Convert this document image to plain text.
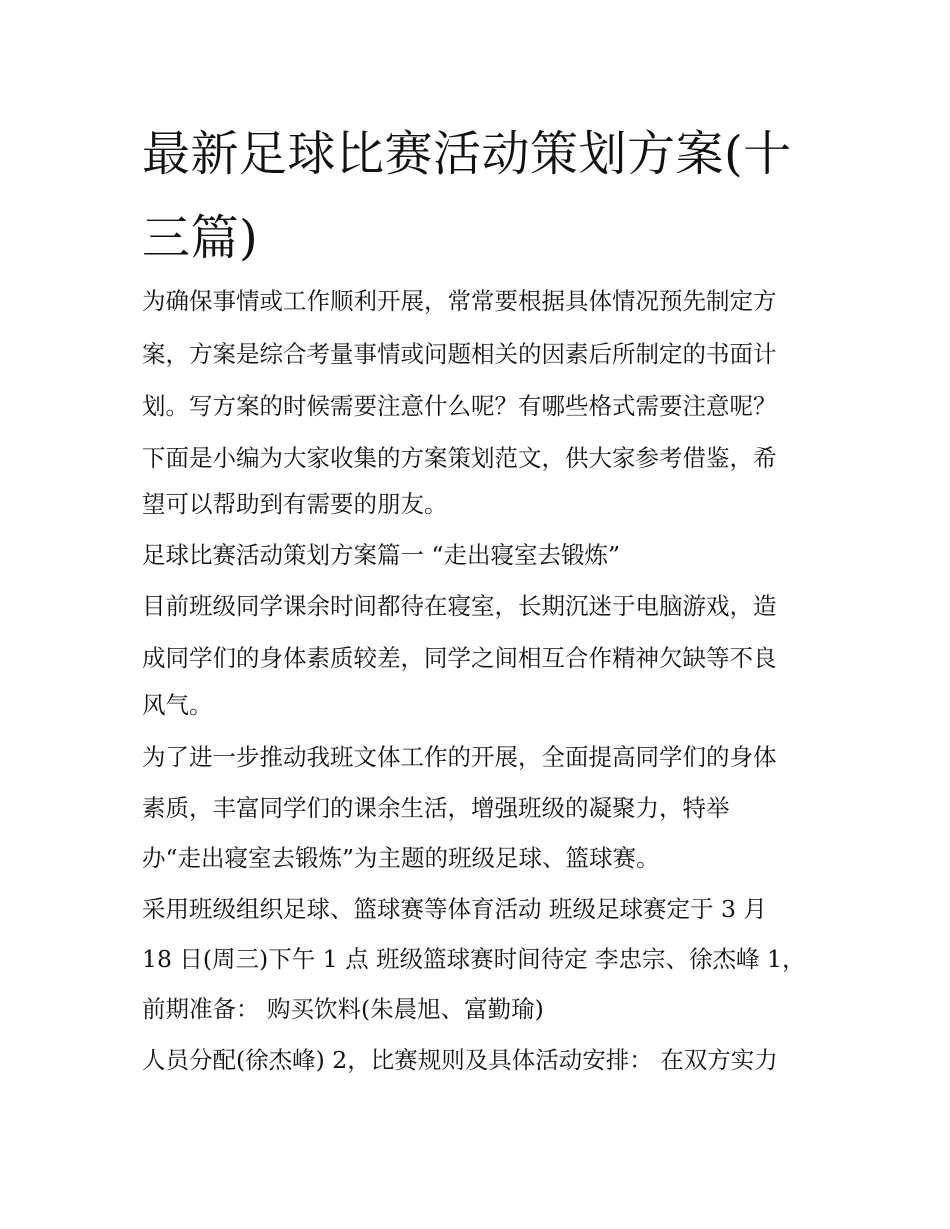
最新足球比赛活动策划方案(十
三篇)
为确保事情或工作顺利开展，常常要根据具体情况预先制定方
案，方案是综合考量事情或问题相关的因素后所制定的书面计
划。写方案的时候需要注意什么呢？有哪些格式需要注意呢？
下面是小编为大家收集的方案策划范文，供大家参考借鉴，希
望可以帮助到有需要的朋友。
足球比赛活动策划方案篇一 “走出寝室去锻炼”
目前班级同学课余时间都待在寝室，长期沉迷于电脑游戏，造
成同学们的身体素质较差，同学之间相互合作精神欠缺等不良
风气。
为了进一步推动我班文体工作的开展，全面提高同学们的身体
素质，丰富同学们的课余生活，增强班级的凝聚力，特举
办“走出寝室去锻炼”为主题的班级足球、篮球赛。
采用班级组织足球、篮球赛等体育活动 班级足球赛定于 3 月
18 日(周三)下午 1 点 班级篮球赛时间待定 李忠宗、徐杰峰 1，
前期准备： 购买饮料(朱晨旭、富勤瑜)
人员分配(徐杰峰) 2，比赛规则及具体活动安排： 在双方实力
